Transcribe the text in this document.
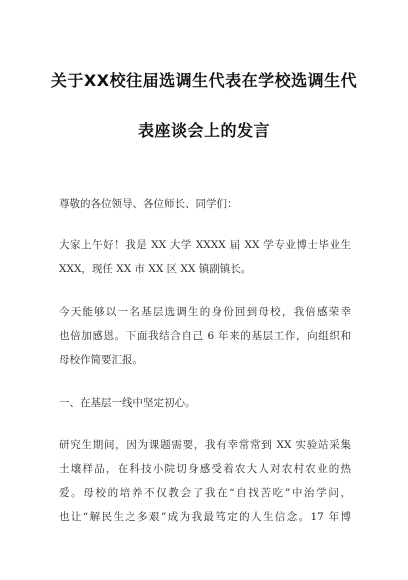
关于XX校往届选调生代表在学校选调生代
表座谈会上的发言
尊敬的各位领导、各位师长、同学们：
大家上午好！我是 XX 大学 XXXX 届 XX 学专业博士毕业生
XXX，现任 XX 市 XX 区 XX 镇副镇长。
今天能够以一名基层选调生的身份回到母校，我倍感荣幸
也倍加感恩。下面我结合自己 6 年来的基层工作，向组织和
母校作简要汇报。
一、在基层一线中坚定初心。
研究生期间，因为课题需要，我有幸常常到 XX 实验站采集
土壤样品，在科技小院切身感受着农大人对农村农业的热
爱。母校的培养不仅教会了我在“自找苦吃”中治学问，
也让“解民生之多艰”成为我最笃定的人生信念。17 年博
